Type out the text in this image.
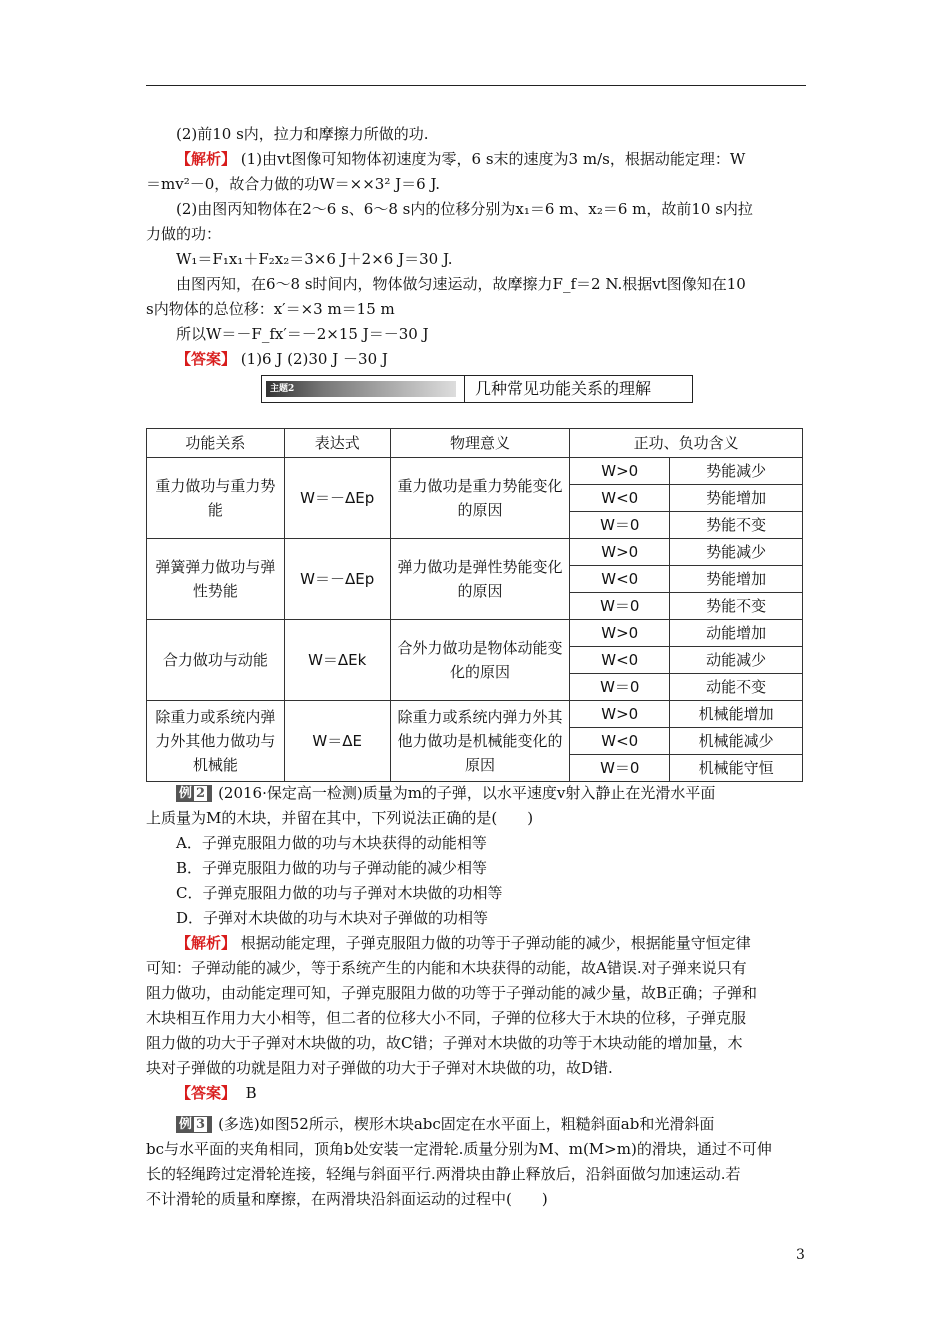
(2)前10 s内，拉力和摩擦力所做的功.
【解析】 (1)由vt图像可知物体初速度为零，6 s末的速度为3 m/s，根据动能定理：W
＝mv²－0，故合力做的功W＝××3² J＝6 J.
(2)由图丙知物体在2～6 s、6～8 s内的位移分别为x₁＝6 m、x₂＝6 m，故前10 s内拉
力做的功：
W₁＝F₁x₁＋F₂x₂＝3×6 J＋2×6 J＝30 J.
由图丙知，在6～8 s时间内，物体做匀速运动，故摩擦力F_f＝2 N.根据vt图像知在10
s内物体的总位移：x′＝×3 m＝15 m
所以W＝－F_fx′＝－2×15 J＝－30 J
【答案】 (1)6 J (2)30 J －30 J
主题2	几种常见功能关系的理解
功能关系	表达式	物理意义	正功、负功含义	
重力做功与重力势能	W＝－ΔEp	重力做功是重力势能变化的原因	W>0	势能减少
			W<0	势能增加
			W＝0	势能不变
弹簧弹力做功与弹性势能	W＝－ΔEp	弹力做功是弹性势能变化的原因	W>0	势能减少
			W<0	势能增加
			W＝0	势能不变
合力做功与动能	W＝ΔEk	合外力做功是物体动能变化的原因	W>0	动能增加
			W<0	动能减少
			W＝0	动能不变
除重力或系统内弹力外其他力做功与机械能	W＝ΔE	除重力或系统内弹力外其他力做功是机械能变化的原因	W>0	机械能增加
			W<0	机械能减少
			W＝0	机械能守恒
例 2 (2016·保定高一检测)质量为m的子弹，以水平速度v射入静止在光滑水平面
上质量为M的木块，并留在其中，下列说法正确的是(　　)
A．子弹克服阻力做的功与木块获得的动能相等
B．子弹克服阻力做的功与子弹动能的减少相等
C．子弹克服阻力做的功与子弹对木块做的功相等
D．子弹对木块做的功与木块对子弹做的功相等
【解析】 根据动能定理，子弹克服阻力做的功等于子弹动能的减少，根据能量守恒定律
可知：子弹动能的减少，等于系统产生的内能和木块获得的动能，故A错误.对子弹来说只有
阻力做功，由动能定理可知，子弹克服阻力做的功等于子弹动能的减少量，故B正确；子弹和
木块相互作用力大小相等，但二者的位移大小不同，子弹的位移大于木块的位移，子弹克服
阻力做的功大于子弹对木块做的功，故C错；子弹对木块做的功等于木块动能的增加量，木
块对子弹做的功就是阻力对子弹做的功大于子弹对木块做的功，故D错.
【答案】 B
例 3 (多选)如图52所示，楔形木块abc固定在水平面上，粗糙斜面ab和光滑斜面
bc与水平面的夹角相同，顶角b处安装一定滑轮.质量分别为M、m(M>m)的滑块，通过不可伸
长的轻绳跨过定滑轮连接，轻绳与斜面平行.两滑块由静止释放后，沿斜面做匀加速运动.若
不计滑轮的质量和摩擦，在两滑块沿斜面运动的过程中(　　)
3
